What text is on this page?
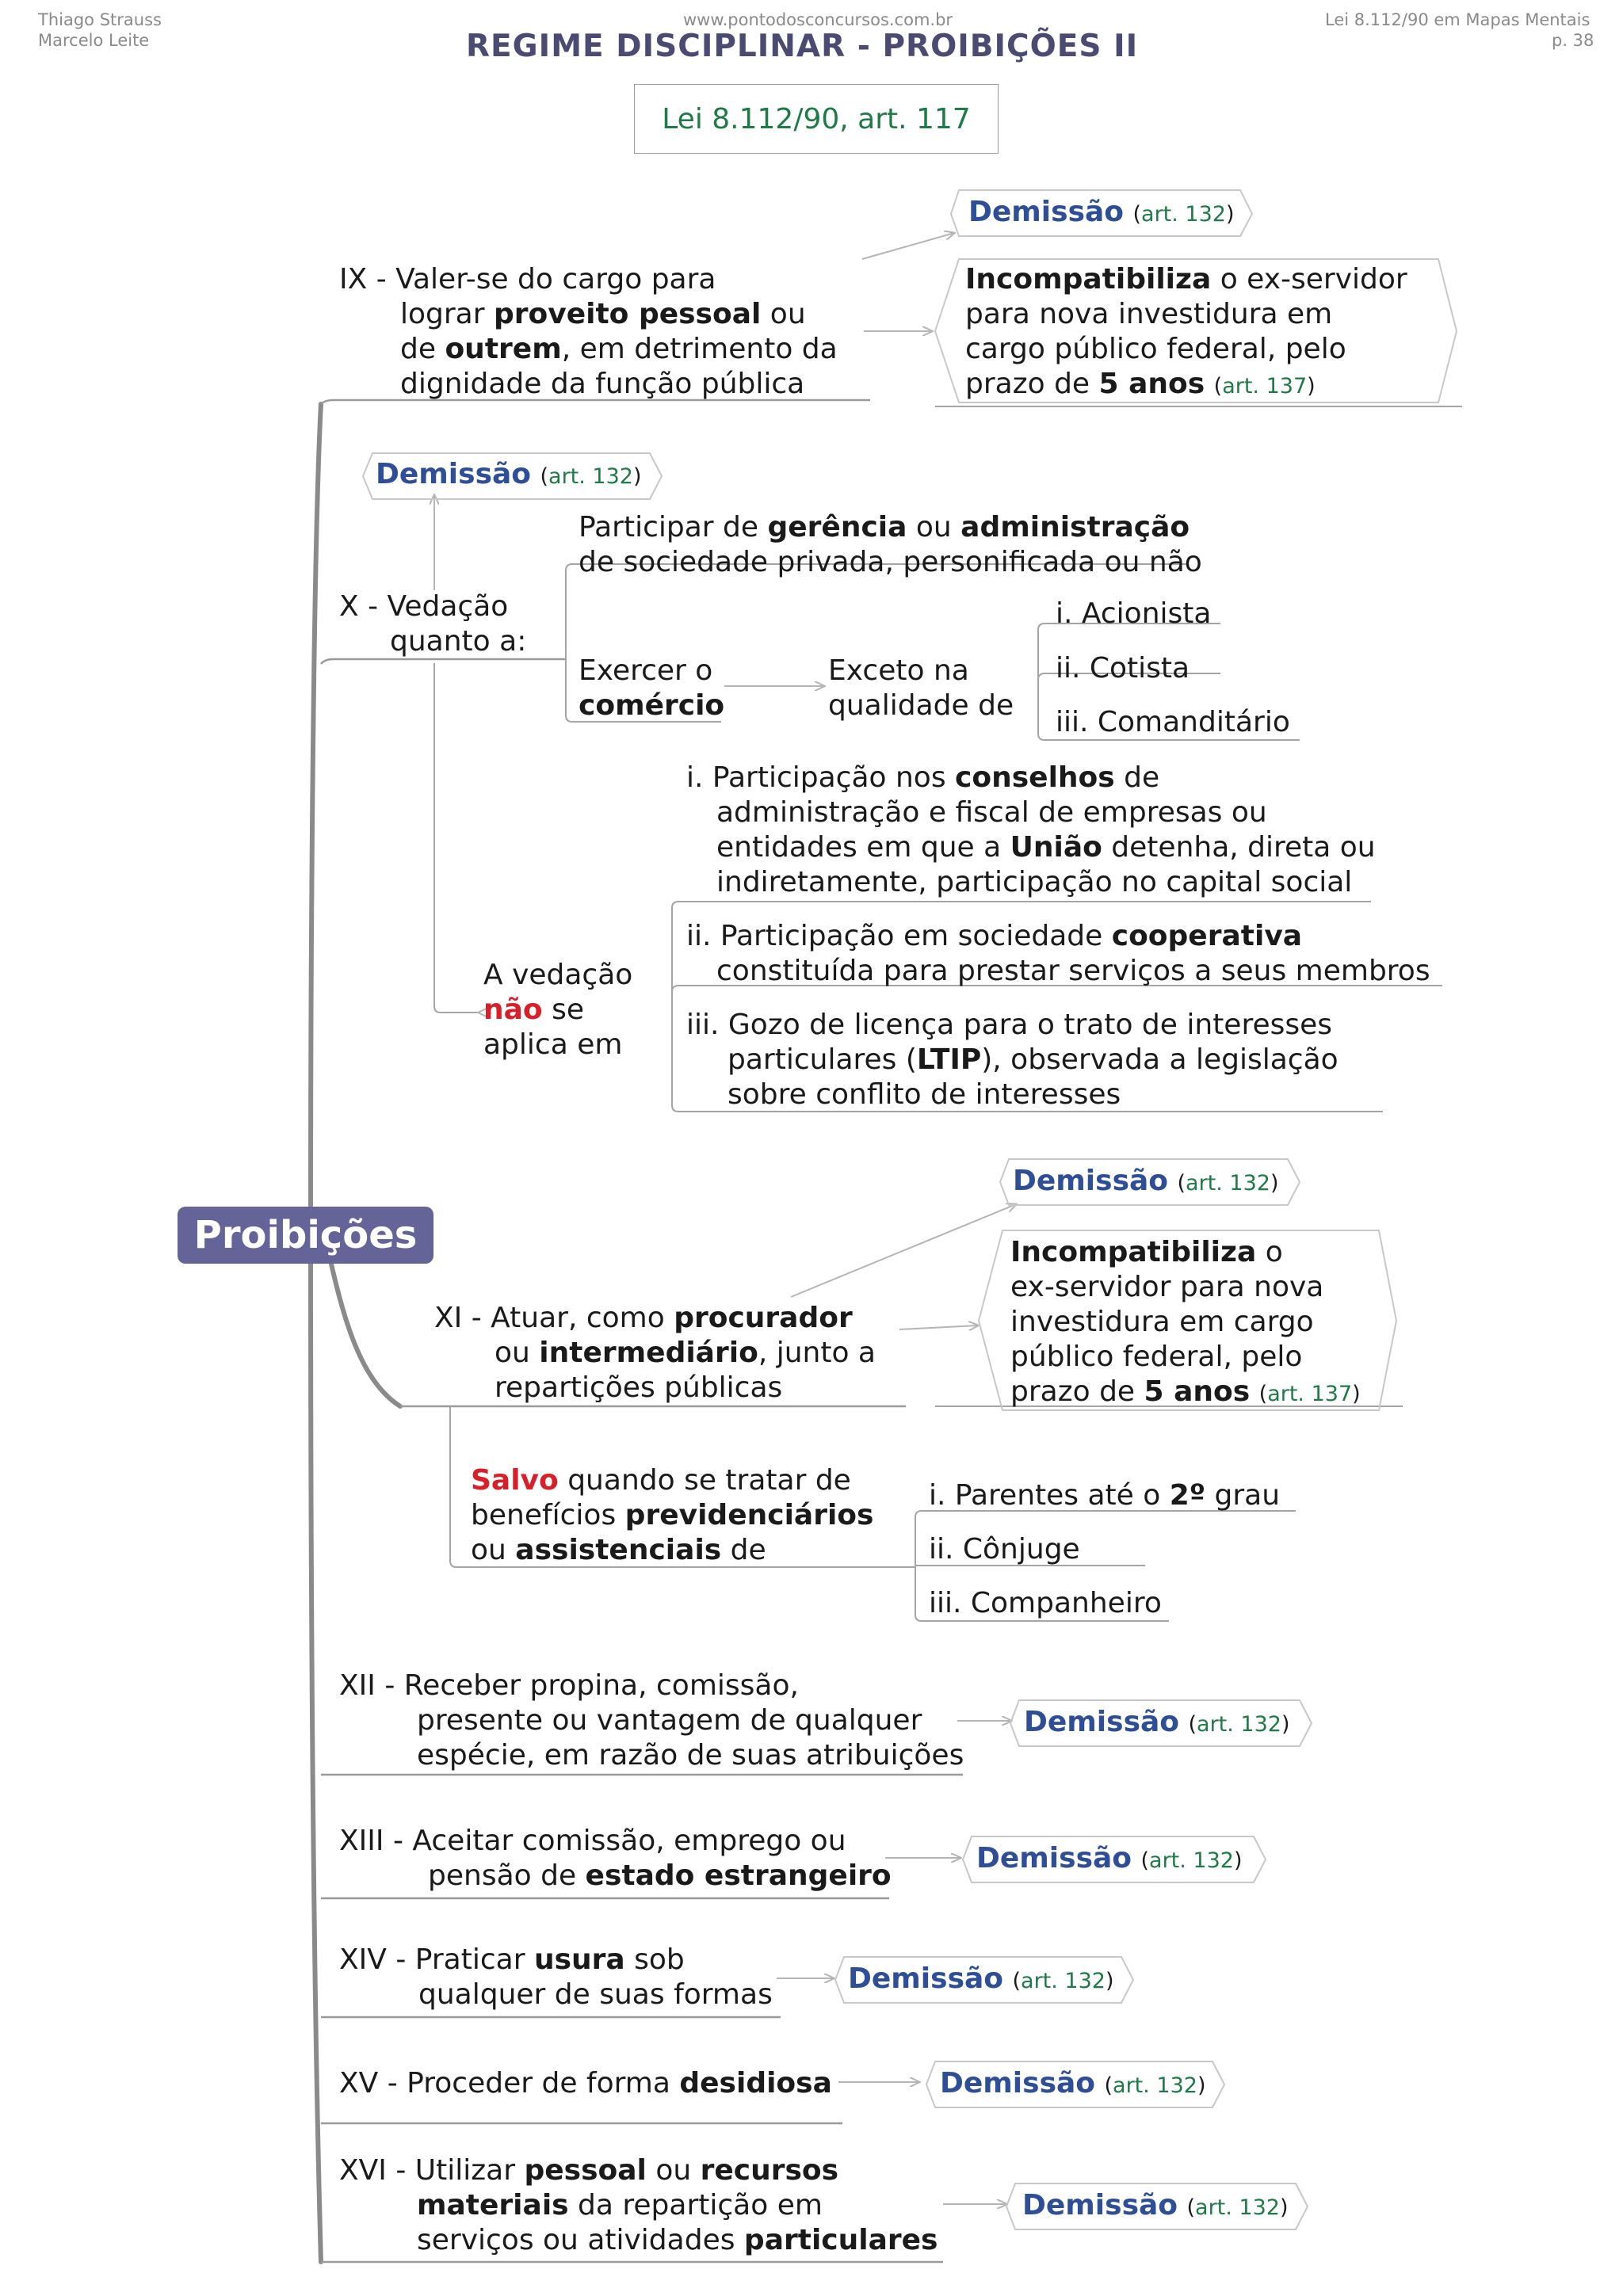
Thiago Strauss
Marcelo Leite
www.pontodosconcursos.com.br	Lei 8.112/90 em Mapas Mentais
p. 38
REGIME DISCIPLINAR - PROIBIÇÕES II
Lei 8.112/90, art. 117
Proibições
Demissão (art. 132)
Demissão (art. 132)
Demissão (art. 132)
Demissão (art. 132)
Demissão (art. 132)
Demissão (art. 132)
Demissão (art. 132)
Demissão (art. 132)
IX - Valer-se do cargo para
lograr proveito pessoal ou
de outrem, em detrimento da
dignidade da função pública
Incompatibiliza o ex-servidor
para nova investidura em
cargo público federal, pelo
prazo de 5 anos (art. 137)
X - Vedação
quanto a:
Participar de gerência ou administração
de sociedade privada, personificada ou não
Exercer o
comércio
Exceto na
qualidade de
i. Acionista
ii. Cotista
iii. Comanditário
A vedação
não se
aplica em
i. Participação nos conselhos de
administração e fiscal de empresas ou
entidades em que a União detenha, direta ou
indiretamente, participação no capital social
ii. Participação em sociedade cooperativa
constituída para prestar serviços a seus membros
iii. Gozo de licença para o trato de interesses
particulares (LTIP), observada a legislação
sobre conflito de interesses
XI - Atuar, como procurador
ou intermediário, junto a
repartições públicas
Incompatibiliza o
ex-servidor para nova
investidura em cargo
público federal, pelo
prazo de 5 anos (art. 137)
Salvo quando se tratar de
benefícios previdenciários
ou assistenciais de
i. Parentes até o 2º grau
ii. Cônjuge
iii. Companheiro
XII - Receber propina, comissão,
presente ou vantagem de qualquer
espécie, em razão de suas atribuições
XIII - Aceitar comissão, emprego ou
pensão de estado estrangeiro
XIV - Praticar usura sob
qualquer de suas formas
XV - Proceder de forma desidiosa
XVI - Utilizar pessoal ou recursos
materiais da repartição em
serviços ou atividades particulares
